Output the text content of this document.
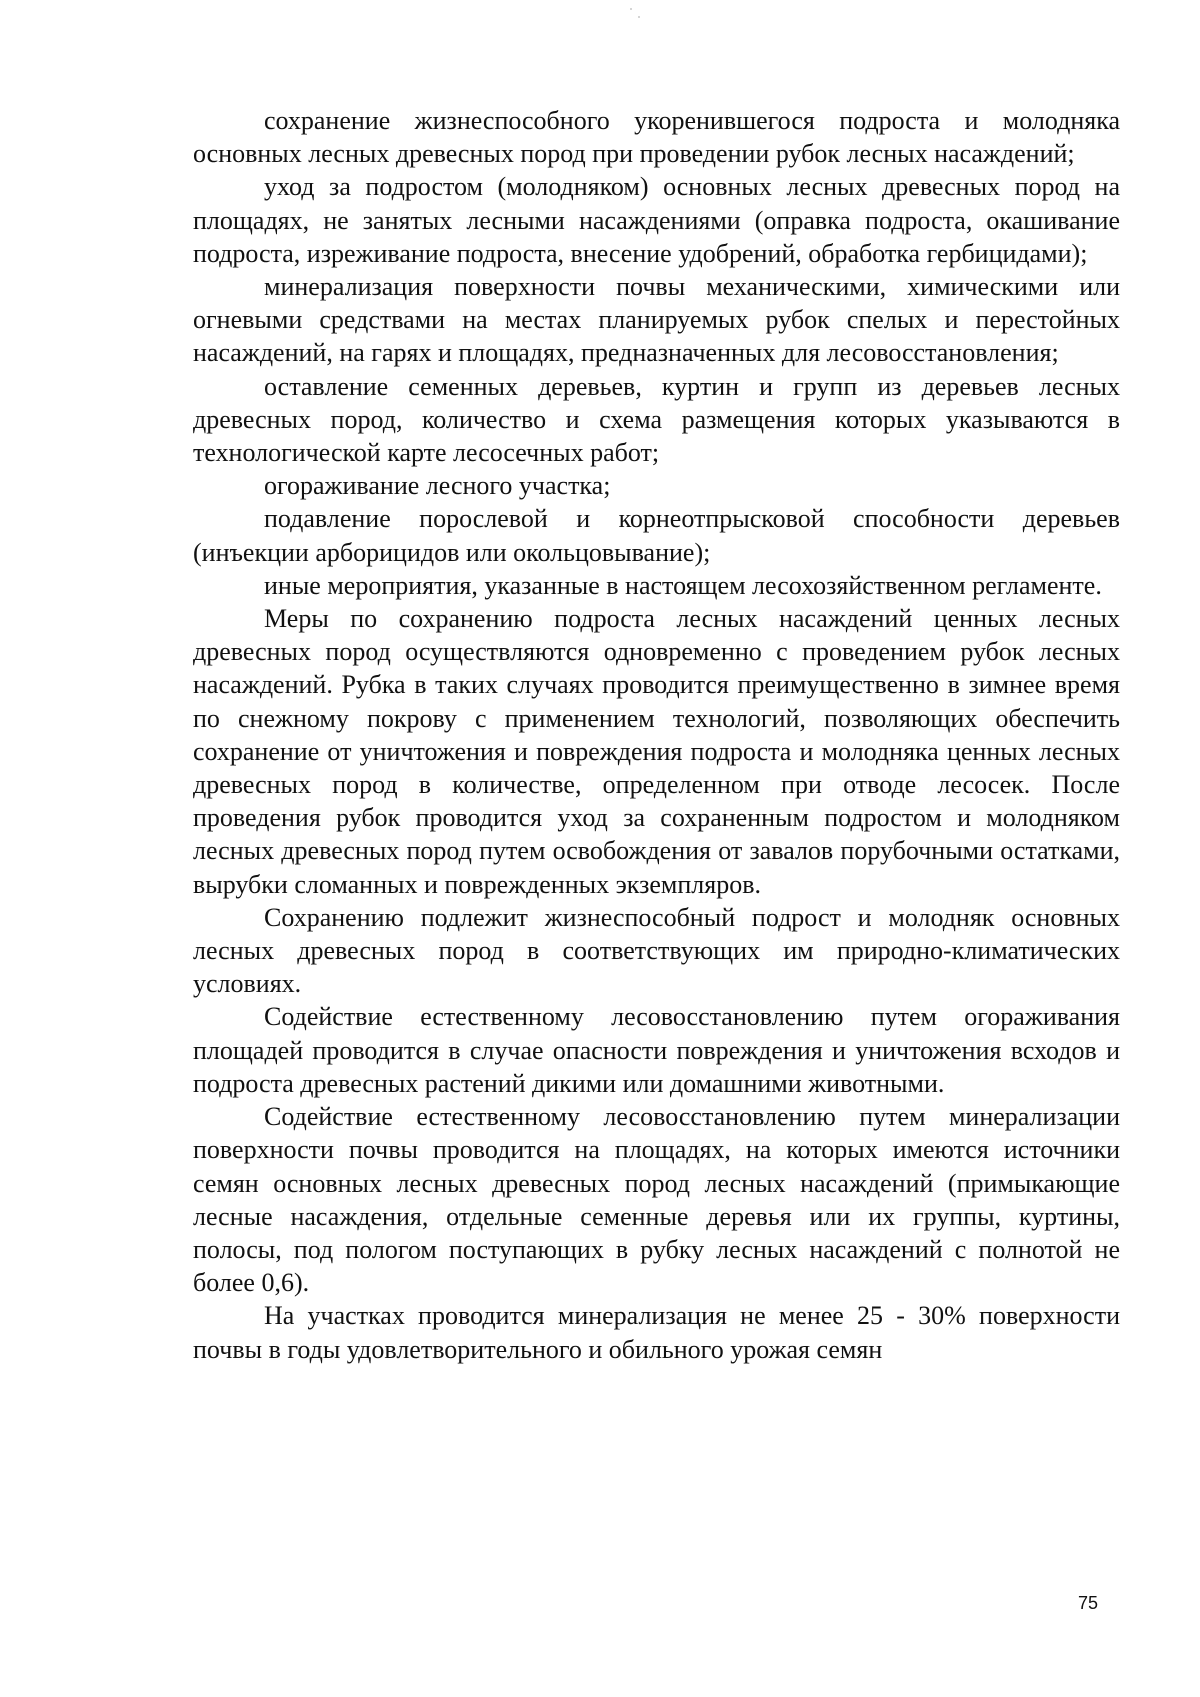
сохранение жизнеспособного укоренившегося подроста и молодняка основных лесных древесных пород при проведении рубок лесных насаждений;

уход за подростом (молодняком) основных лесных древесных пород на площадях, не занятых лесными насаждениями (оправка подроста, окашивание подроста, изреживание подроста, внесение удобрений, обработка гербицидами);

минерализация поверхности почвы механическими, химическими или огневыми средствами на местах планируемых рубок спелых и перестойных насаждений, на гарях и площадях, предназначенных для лесовосстановления;

оставление семенных деревьев, куртин и групп из деревьев лесных древесных пород, количество и схема размещения которых указываются в технологической карте лесосечных работ;

огораживание лесного участка;

подавление порослевой и корнеотпрысковой способности деревьев (инъекции арборицидов или окольцовывание);

иные мероприятия, указанные в настоящем лесохозяйственном регламенте.

Меры по сохранению подроста лесных насаждений ценных лесных древесных пород осуществляются одновременно с проведением рубок лесных насаждений. Рубка в таких случаях проводится преимущественно в зимнее время по снежному покрову с применением технологий, позволяющих обеспечить сохранение от уничтожения и повреждения подроста и молодняка ценных лесных древесных пород в количестве, определенном при отводе лесосек. После проведения рубок проводится уход за сохраненным подростом и молодняком лесных древесных пород путем освобождения от завалов порубочными остатками, вырубки сломанных и поврежденных экземпляров.

Сохранению подлежит жизнеспособный подрост и молодняк основных лесных древесных пород в соответствующих им природно-климатических условиях.

Содействие естественному лесовосстановлению путем огораживания площадей проводится в случае опасности повреждения и уничтожения всходов и подроста древесных растений дикими или домашними животными.

Содействие естественному лесовосстановлению путем минерализации поверхности почвы проводится на площадях, на которых имеются источники семян основных лесных древесных пород лесных насаждений (примыкающие лесные насаждения, отдельные семенные деревья или их группы, куртины, полосы, под пологом поступающих в рубку лесных насаждений с полнотой не более 0,6).

На участках проводится минерализация не менее 25 - 30% поверхности почвы в годы удовлетворительного и обильного урожая семян

75
